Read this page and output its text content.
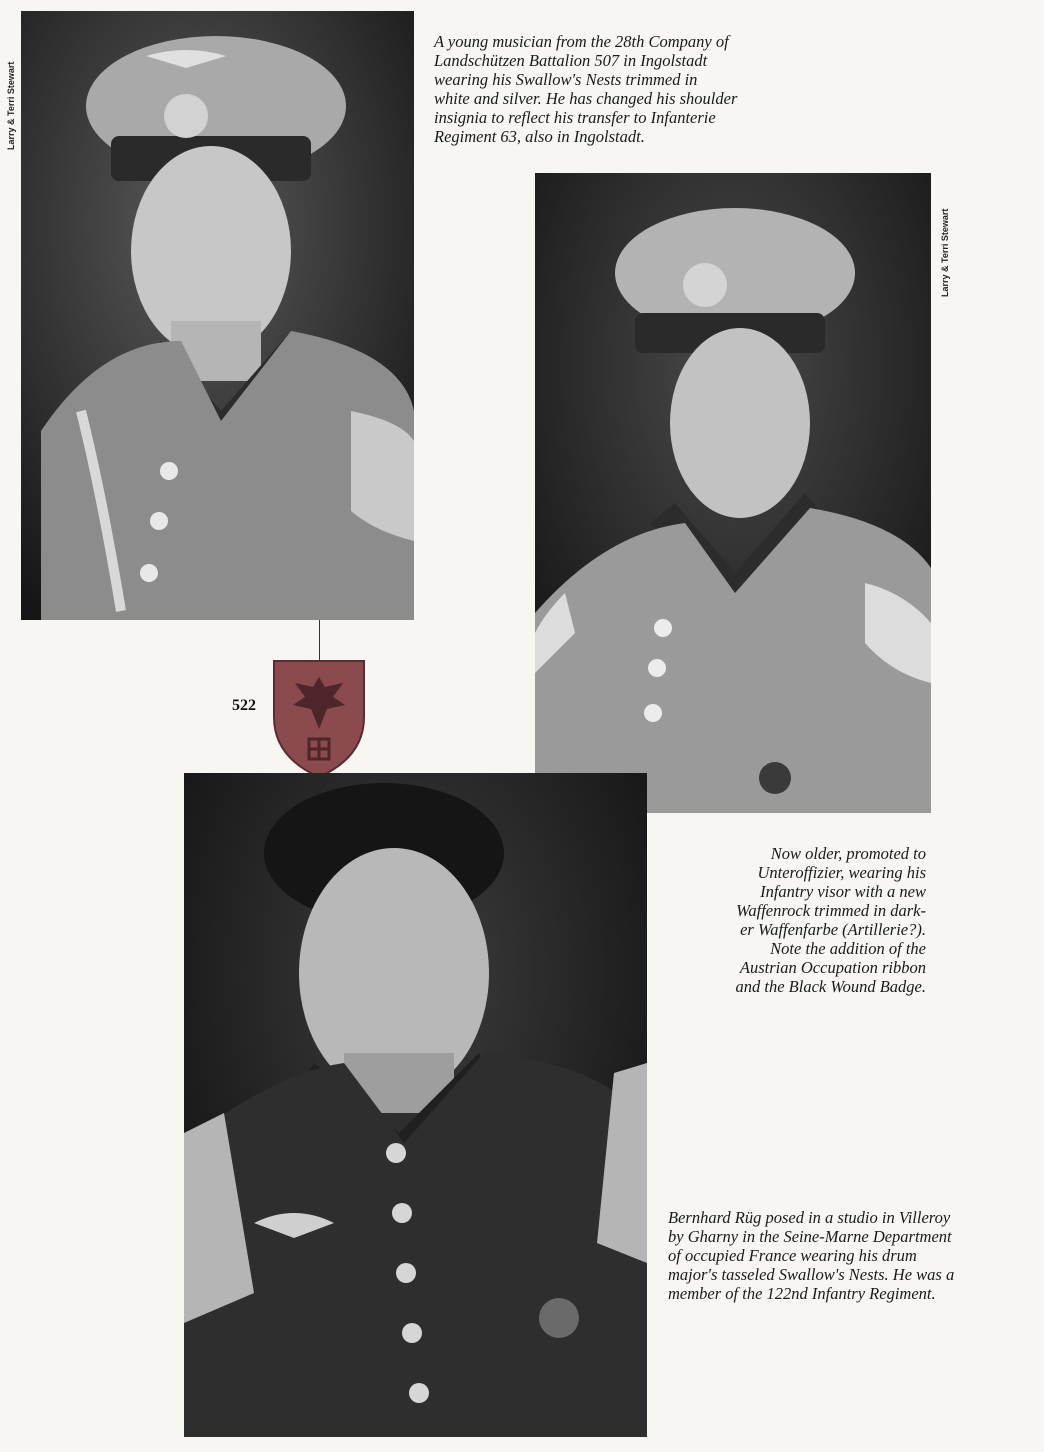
Larry & Terri Stewart

A young musician from the 28th Company of
Landschützen Battalion 507 in Ingolstadt
wearing his Swallow's Nests trimmed in
white and silver. He has changed his shoulder
insignia to reflect his transfer to Infanterie
Regiment 63, also in Ingolstadt.

Larry & Terri Stewart
522

Now older, promoted to
Unteroffizier, wearing his
Infantry visor with a new
Waffenrock trimmed in dark-
er Waffenfarbe (Artillerie?).
Note the addition of the
Austrian Occupation ribbon
and the Black Wound Badge.

Bernhard Rüg posed in a studio in Villeroy
by Gharny in the Seine-Marne Department
of occupied France wearing his drum
major's tasseled Swallow's Nests. He was a
member of the 122nd Infantry Regiment.
